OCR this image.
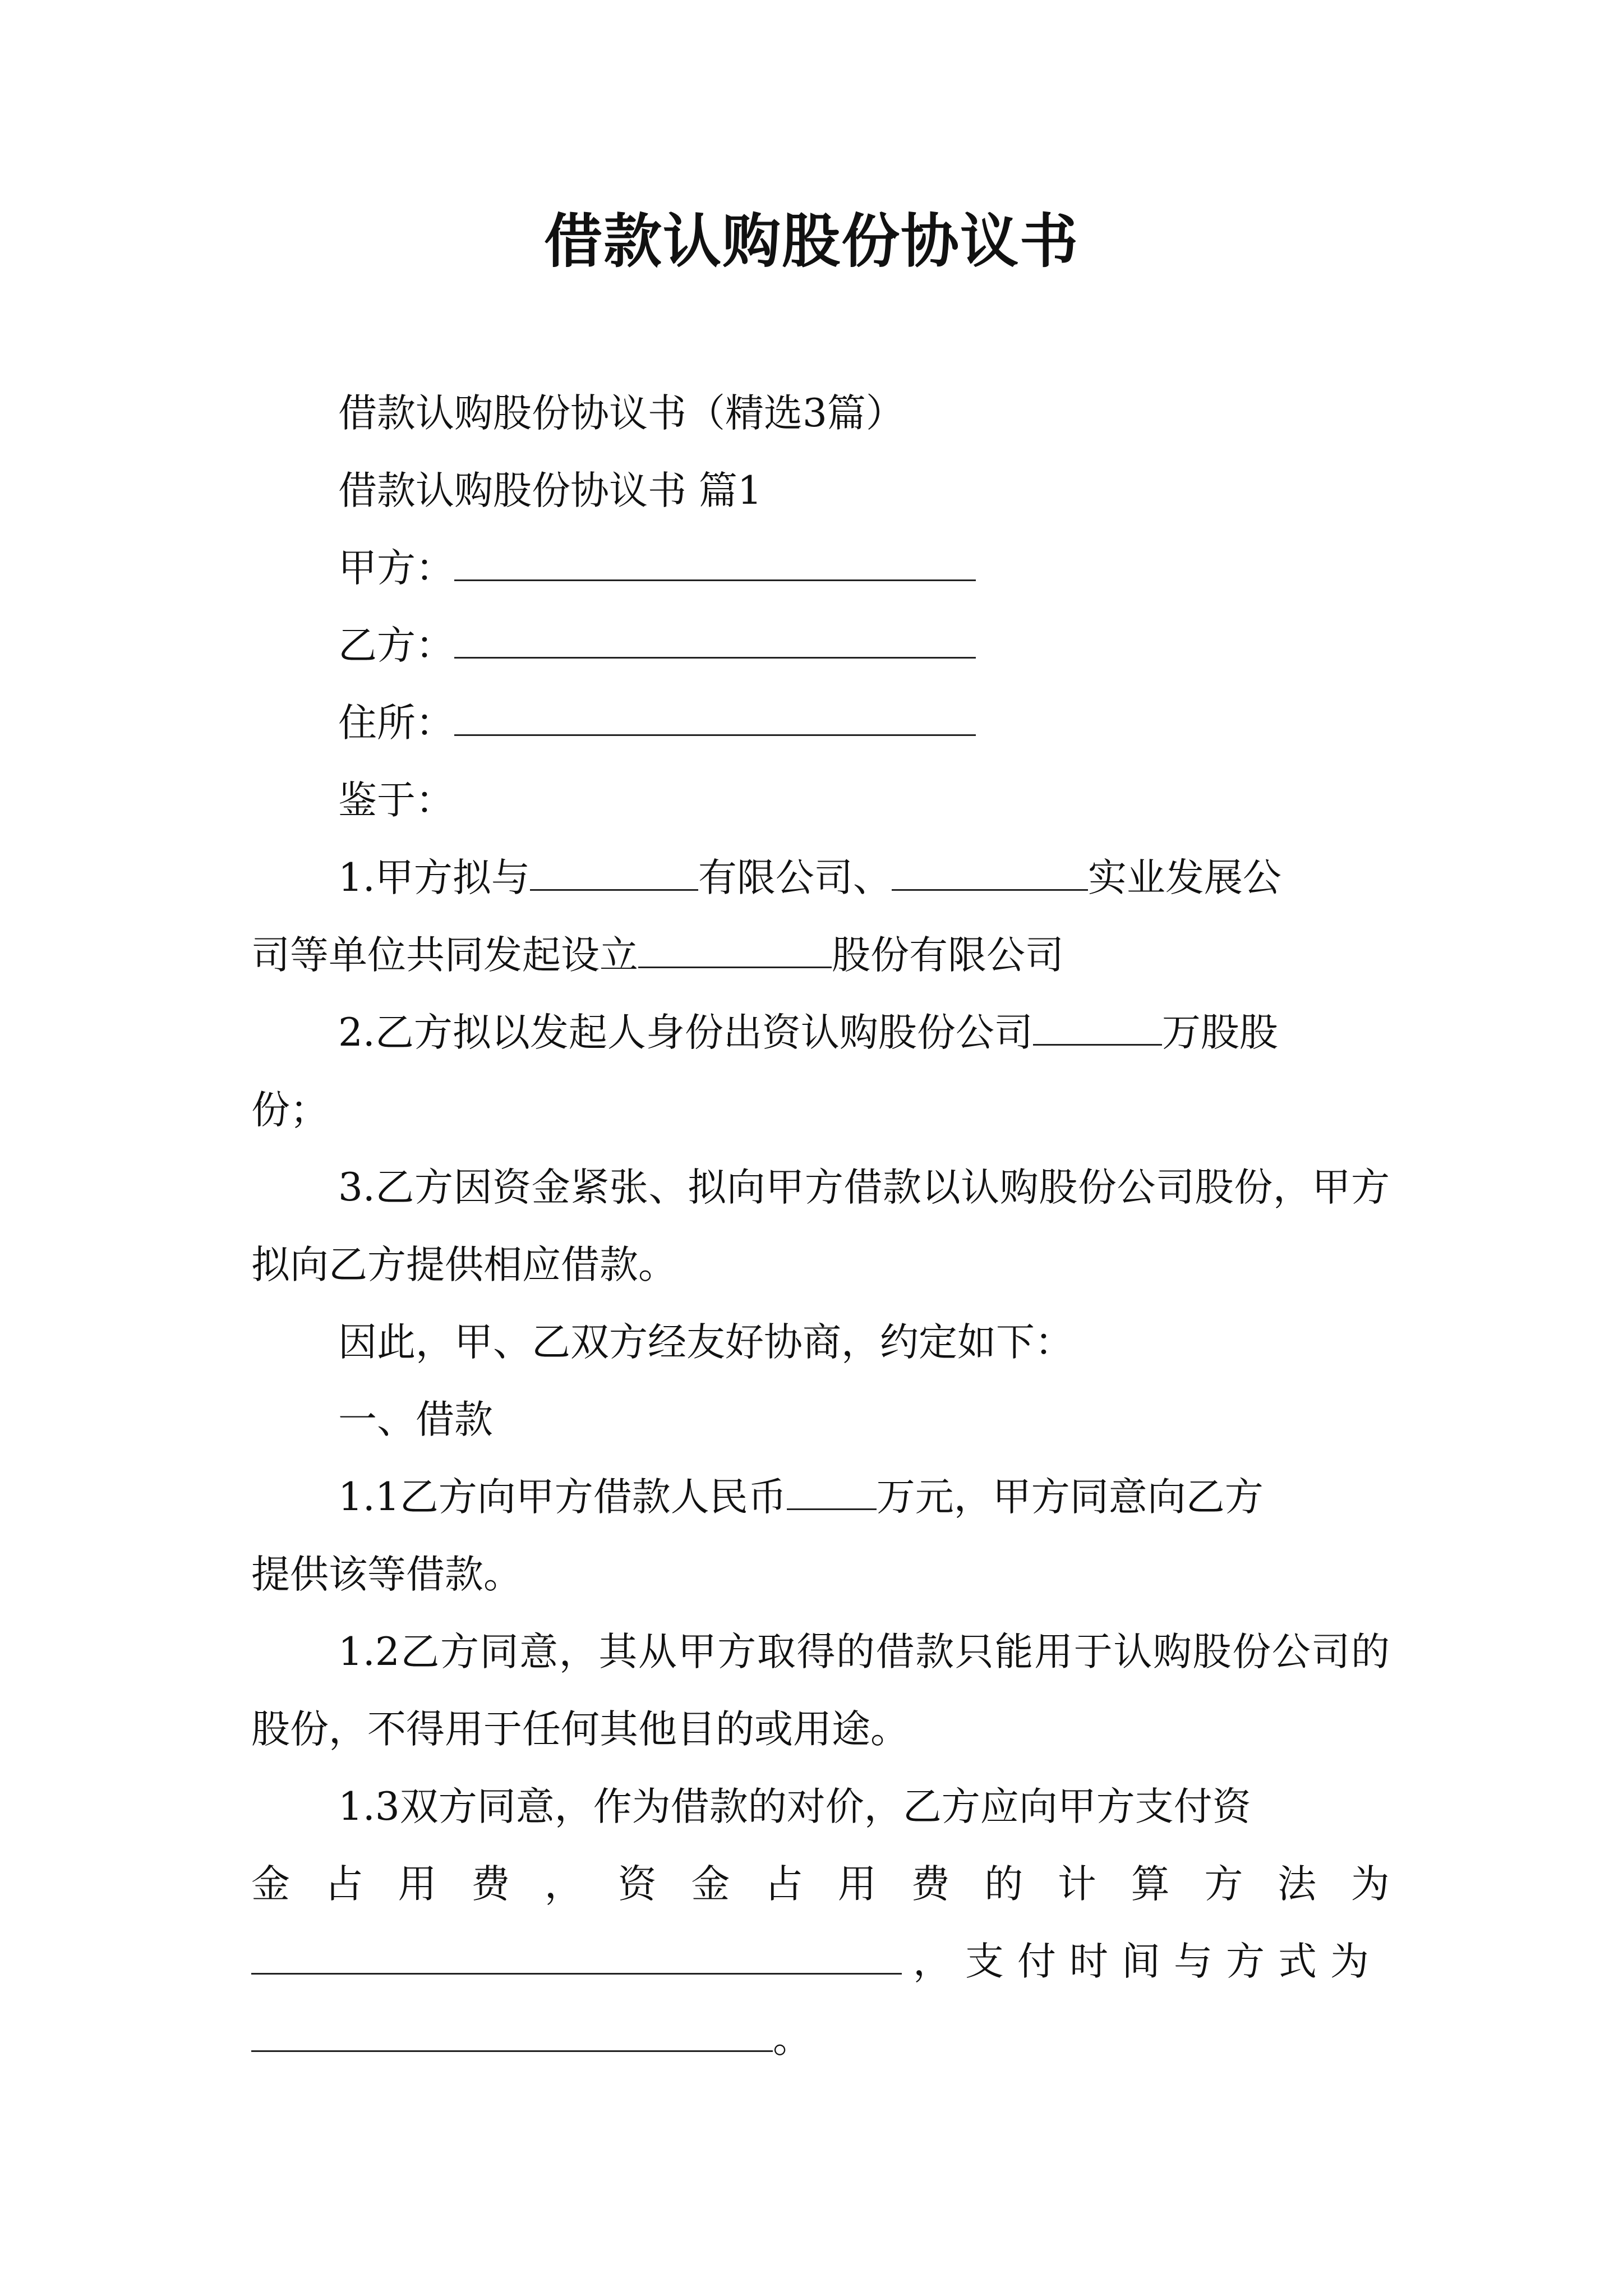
借款认购股份协议书

借款认购股份协议书（精选3篇）

借款认购股份协议书 篇1

甲方：

乙方：

住所：

鉴于：

1.甲方拟与	有限公司、	实业发展公

司等单位共同发起设立	股份有限公司

2.乙方拟以发起人身份出资认购股份公司	万股股

份；

3.乙方因资金紧张、拟向甲方借款以认购股份公司股份，甲方拟向乙方提供相应借款。

因此，甲、乙双方经友好协商，约定如下：

一、借款

1.1乙方向甲方借款人民币 万元，甲方同意向乙方

提供该等借款。

1.2乙方同意，其从甲方取得的借款只能用于认购股份公司的股份，不得用于任何其他目的或用途。

1.3双方同意，作为借款的对价，乙方应向甲方支付资

金 占 用 费 ， 资 金 占 用 费 的 计 算 方 法 为
，支付时间与方式为
。
